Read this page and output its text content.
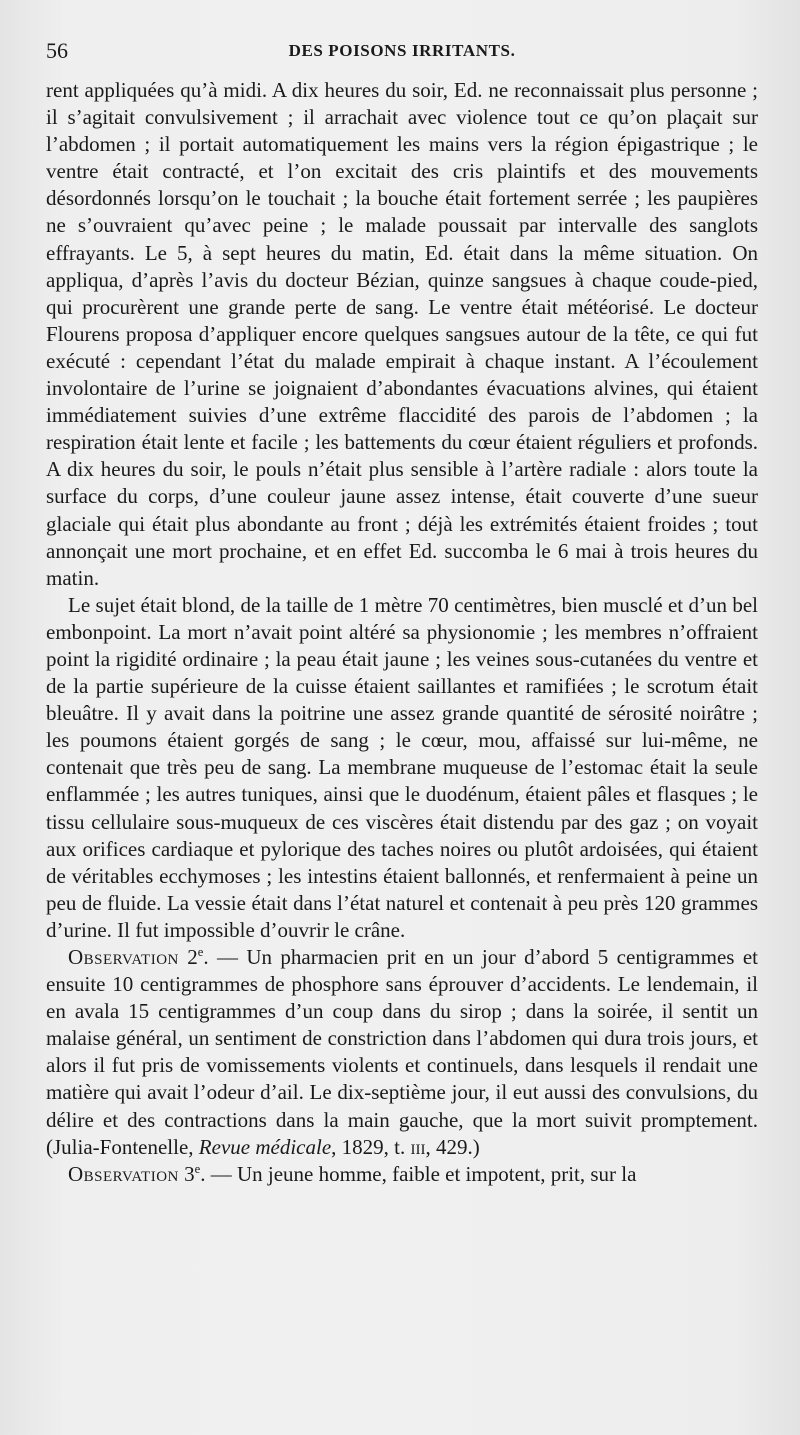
56	DES POISONS IRRITANTS.

rent appliquées qu’à midi. A dix heures du soir, Ed. ne reconnaissait plus personne ; il s’agitait convulsivement ; il arrachait avec violence tout ce qu’on plaçait sur l’abdomen ; il portait automatiquement les mains vers la région épigastrique ; le ventre était contracté, et l’on excitait des cris plaintifs et des mouvements désordonnés lorsqu’on le touchait ; la bouche était fortement serrée ; les paupières ne s’ouvraient qu’avec peine ; le malade poussait par intervalle des sanglots effrayants. Le 5, à sept heures du matin, Ed. était dans la même situation. On appliqua, d’après l’avis du docteur Bézian, quinze sangsues à chaque coude-pied, qui procurèrent une grande perte de sang. Le ventre était météorisé. Le docteur Flourens proposa d’appliquer encore quelques sangsues autour de la tête, ce qui fut exécuté : cependant l’état du malade empirait à chaque instant. A l’écoulement involontaire de l’urine se joignaient d’abondantes évacuations alvines, qui étaient immédiatement suivies d’une extrême flaccidité des parois de l’abdomen ; la respiration était lente et facile ; les battements du cœur étaient réguliers et profonds. A dix heures du soir, le pouls n’était plus sensible à l’artère radiale : alors toute la surface du corps, d’une couleur jaune assez intense, était couverte d’une sueur glaciale qui était plus abondante au front ; déjà les extrémités étaient froides ; tout annonçait une mort prochaine, et en effet Ed. succomba le 6 mai à trois heures du matin.

Le sujet était blond, de la taille de 1 mètre 70 centimètres, bien musclé et d’un bel embonpoint. La mort n’avait point altéré sa physionomie ; les membres n’offraient point la rigidité ordinaire ; la peau était jaune ; les veines sous-cutanées du ventre et de la partie supérieure de la cuisse étaient saillantes et ramifiées ; le scrotum était bleuâtre. Il y avait dans la poitrine une assez grande quantité de sérosité noirâtre ; les poumons étaient gorgés de sang ; le cœur, mou, affaissé sur lui-même, ne contenait que très peu de sang. La membrane muqueuse de l’estomac était la seule enflammée ; les autres tuniques, ainsi que le duodénum, étaient pâles et flasques ; le tissu cellulaire sous-muqueux de ces viscères était distendu par des gaz ; on voyait aux orifices cardiaque et pylorique des taches noires ou plutôt ardoisées, qui étaient de véritables ecchymoses ; les intestins étaient ballonnés, et renfermaient à peine un peu de fluide. La vessie était dans l’état naturel et contenait à peu près 120 grammes d’urine. Il fut impossible d’ouvrir le crâne.

Observation 2e. — Un pharmacien prit en un jour d’abord 5 centigrammes et ensuite 10 centigrammes de phosphore sans éprouver d’accidents. Le lendemain, il en avala 15 centigrammes d’un coup dans du sirop ; dans la soirée, il sentit un malaise général, un sentiment de constriction dans l’abdomen qui dura trois jours, et alors il fut pris de vomissements violents et continuels, dans lesquels il rendait une matière qui avait l’odeur d’ail. Le dix-septième jour, il eut aussi des convulsions, du délire et des contractions dans la main gauche, que la mort suivit promptement. (Julia-Fontenelle, Revue médicale, 1829, t. iii, 429.)

Observation 3e. — Un jeune homme, faible et impotent, prit, sur la
